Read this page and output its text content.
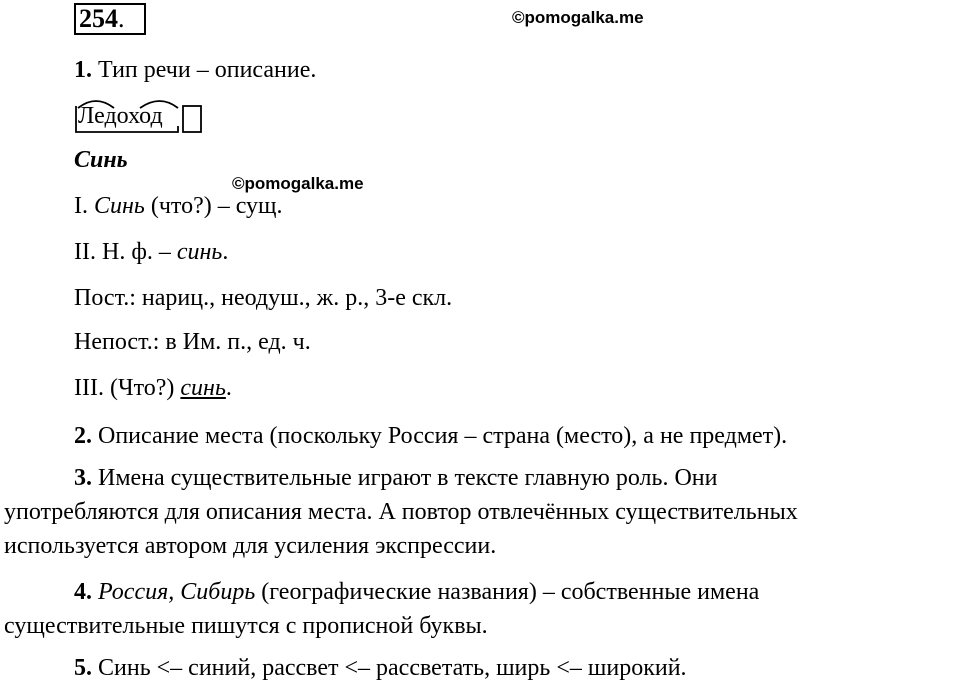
254.	©pomogalka.me
1. Тип речи – описание.
Ледоход
Синь
©pomogalka.me
I. Синь (что?) – сущ.
II. Н. ф. – синь.
Пост.: нариц., неодуш., ж. р., 3-е скл.
Непост.: в Им. п., ед. ч.
III. (Что?) синь.
2. Описание места (поскольку Россия – страна (место), а не предмет).
3. Имена существительные играют в тексте главную роль. Они
употребляются для описания места. А повтор отвлечённых существительных
используется автором для усиления экспрессии.
4. Россия, Сибирь (географические названия) – собственные имена
существительные пишутся с прописной буквы.
5. Синь <– синий, рассвет <– рассветать, ширь <– широкий.
